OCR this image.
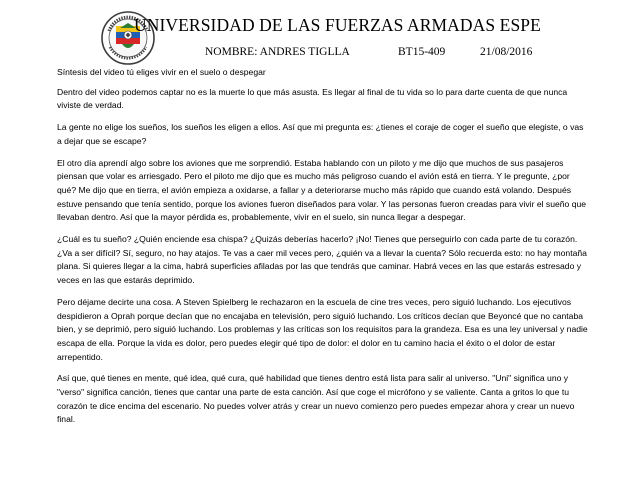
UNIVERSIDAD DE LAS FUERZAS ARMADAS ESPE
NOMBRE: ANDRES TIGLLA	BT15-409	21/08/2016

Síntesis del video tú eliges vivir en el suelo o despegar

Dentro del video podemos captar no es la muerte lo que más asusta. Es llegar al final de tu vida so lo para darte cuenta de que nunca viviste de verdad.

La gente no elige los sueños, los sueños les eligen a ellos. Así que mi pregunta es: ¿tienes el coraje de coger el sueño que elegiste, o vas a dejar que se escape?

El otro día aprendí algo sobre los aviones que me sorprendió. Estaba hablando con un piloto y me dijo que muchos de sus pasajeros piensan que volar es arriesgado. Pero el piloto me dijo que es mucho más peligroso cuando el avión está en tierra. Y le pregunte, ¿por qué? Me dijo que en tierra, el avión empieza a oxidarse, a fallar y a deteriorarse mucho más rápido que cuando está volando. Después estuve pensando que tenía sentido, porque los aviones fueron diseñados para volar. Y las personas fueron creadas para vivir el sueño que llevaban dentro. Así que la mayor pérdida es, probablemente, vivir en el suelo, sin nunca llegar a despegar.

¿Cuál es tu sueño? ¿Quién enciende esa chispa? ¿Quizás deberías hacerlo? ¡No! Tienes que perseguirlo con cada parte de tu corazón. ¿Va a ser difícil? Sí, seguro, no hay atajos. Te vas a caer mil veces pero, ¿quién va a llevar la cuenta? Sólo recuerda esto: no hay montaña plana. Si quieres llegar a la cima, habrá superficies afiladas por las que tendrás que caminar. Habrá veces en las que estarás estresado y veces en las que estarás deprimido.

Pero déjame decirte una cosa. A Steven Spielberg le rechazaron en la escuela de cine tres veces, pero siguió luchando. Los ejecutivos despidieron a Oprah porque decían que no encajaba en televisión, pero siguió luchando. Los críticos decían que Beyoncé que no cantaba bien, y se deprimió, pero siguió luchando. Los problemas y las críticas son los requisitos para la grandeza. Esa es una ley universal y nadie escapa de ella. Porque la vida es dolor, pero puedes elegir qué tipo de dolor: el dolor en tu camino hacia el éxito o el dolor de estar arrepentido.

Así que, qué tienes en mente, qué idea, qué cura, qué habilidad que tienes dentro está lista para salir al universo. "Uni" significa uno y "verso" significa canción, tienes que cantar una parte de esta canción. Así que coge el micrófono y se valiente. Canta a gritos lo que tu corazón te dice encima del escenario. No puedes volver atrás y crear un nuevo comienzo pero puedes empezar ahora y crear un nuevo final.
